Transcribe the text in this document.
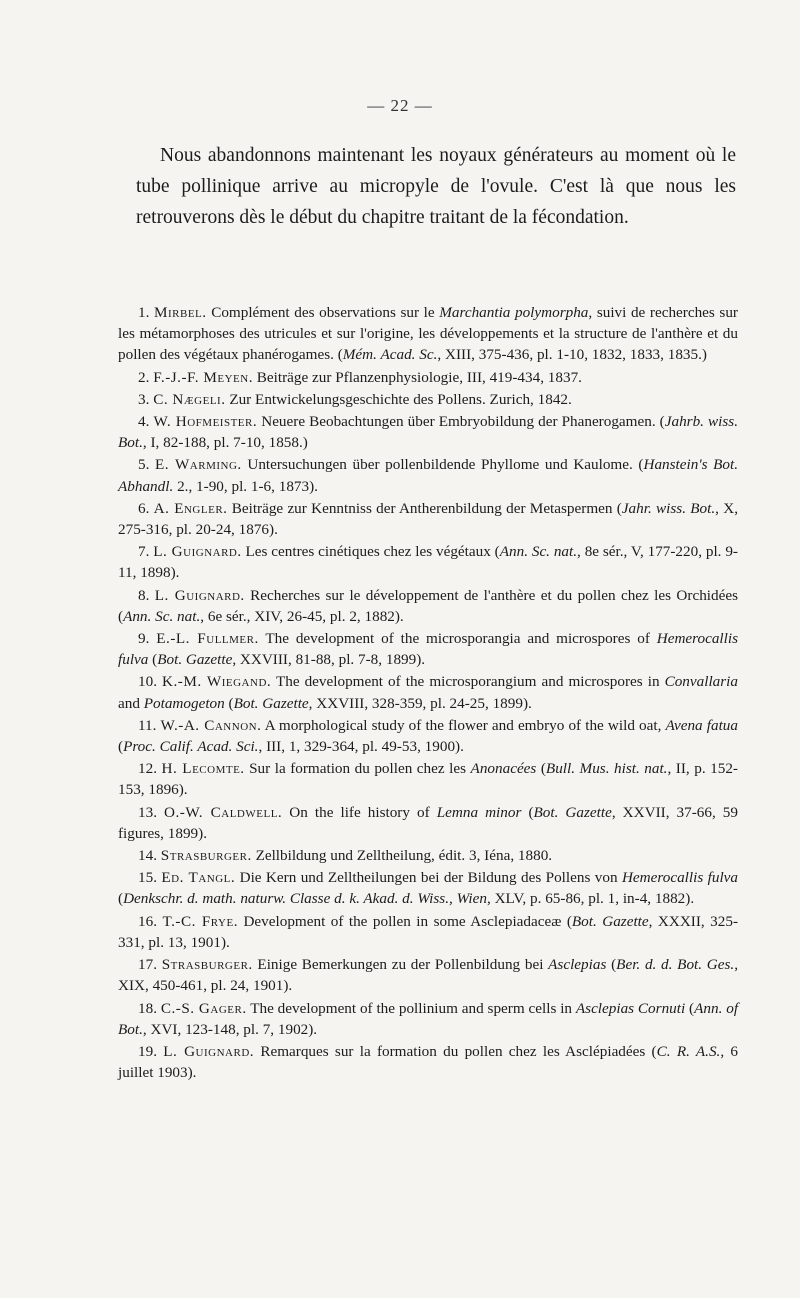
— 22 —

Nous abandonnons maintenant les noyaux générateurs au moment où le tube pollinique arrive au micropyle de l'ovule. C'est là que nous les retrouverons dès le début du chapitre traitant de la fécondation.

1. Mirbel. Complément des observations sur le Marchantia polymorpha, suivi de recherches sur les métamorphoses des utricules et sur l'origine, les développements et la structure de l'anthère et du pollen des végétaux phanérogames. (Mém. Acad. Sc., XIII, 375-436, pl. 1-10, 1832, 1833, 1835.)
2. F.-J.-F. Meyen. Beiträge zur Pflanzenphysiologie, III, 419-434, 1837.
3. C. Nægeli. Zur Entwickelungsgeschichte des Pollens. Zurich, 1842.
4. W. Hofmeister. Neuere Beobachtungen über Embryobildung der Phanerogamen. (Jahrb. wiss. Bot., I, 82-188, pl. 7-10, 1858.)
5. E. Warming. Untersuchungen über pollenbildende Phyllome und Kaulome. (Hanstein's Bot. Abhandl. 2., 1-90, pl. 1-6, 1873).
6. A. Engler. Beiträge zur Kenntniss der Antherenbildung der Metaspermen (Jahr. wiss. Bot., X, 275-316, pl. 20-24, 1876).
7. L. Guignard. Les centres cinétiques chez les végétaux (Ann. Sc. nat., 8e sér., V, 177-220, pl. 9-11, 1898).
8. L. Guignard. Recherches sur le développement de l'anthère et du pollen chez les Orchidées (Ann. Sc. nat., 6e sér., XIV, 26-45, pl. 2, 1882).
9. E.-L. Fullmer. The development of the microsporangia and microspores of Hemerocallis fulva (Bot. Gazette, XXVIII, 81-88, pl. 7-8, 1899).
10. K.-M. Wiegand. The development of the microsporangium and microspores in Convallaria and Potamogeton (Bot. Gazette, XXVIII, 328-359, pl. 24-25, 1899).
11. W.-A. Cannon. A morphological study of the flower and embryo of the wild oat, Avena fatua (Proc. Calif. Acad. Sci., III, 1, 329-364, pl. 49-53, 1900).
12. H. Lecomte. Sur la formation du pollen chez les Anonacées (Bull. Mus. hist. nat., II, p. 152-153, 1896).
13. O.-W. Caldwell. On the life history of Lemna minor (Bot. Gazette, XXVII, 37-66, 59 figures, 1899).
14. Strasburger. Zellbildung und Zelltheilung, édit. 3, Iéna, 1880.
15. Ed. Tangl. Die Kern und Zelltheilungen bei der Bildung des Pollens von Hemerocallis fulva (Denkschr. d. math. naturw. Classe d. k. Akad. d. Wiss., Wien, XLV, p. 65-86, pl. 1, in-4, 1882).
16. T.-C. Frye. Development of the pollen in some Asclepiadaceæ (Bot. Gazette, XXXII, 325-331, pl. 13, 1901).
17. Strasburger. Einige Bemerkungen zu der Pollenbildung bei Asclepias (Ber. d. d. Bot. Ges., XIX, 450-461, pl. 24, 1901).
18. C.-S. Gager. The development of the pollinium and sperm cells in Asclepias Cornuti (Ann. of Bot., XVI, 123-148, pl. 7, 1902).
19. L. Guignard. Remarques sur la formation du pollen chez les Asclépiadées (C. R. A.S., 6 juillet 1903).
